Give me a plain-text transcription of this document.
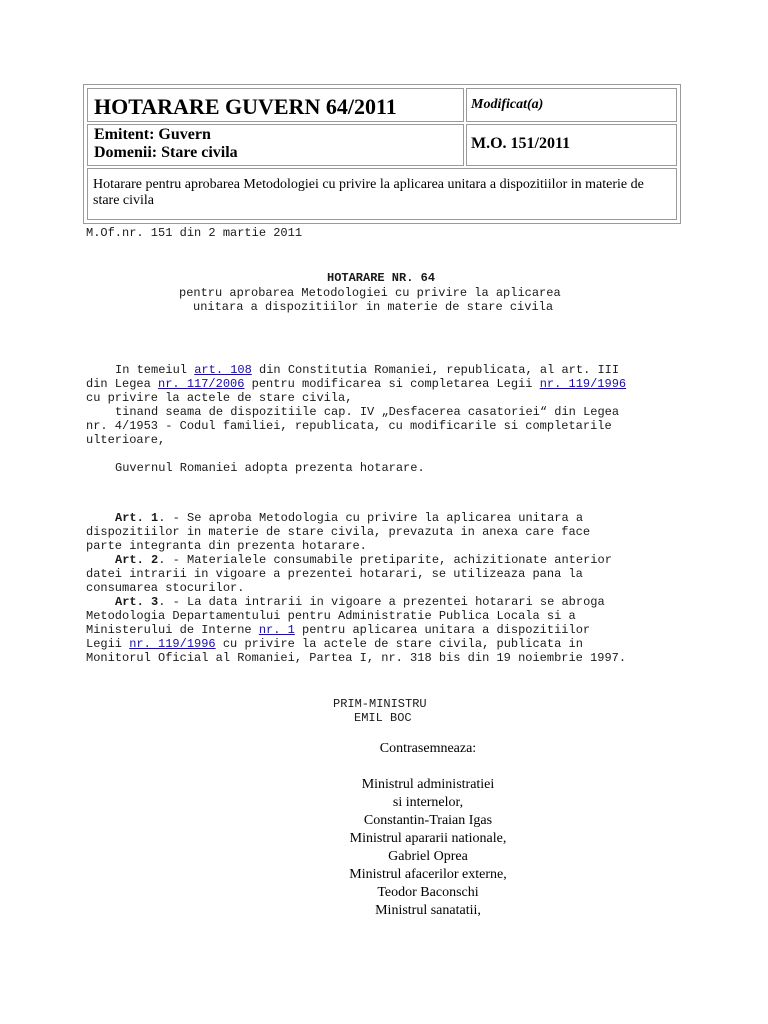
HOTARARE GUVERN 64/2011	Modificat(a)
Emitent: Guvern
Domenii: Stare civila
M.O. 151/2011
Hotarare pentru aprobarea Metodologiei cu privire la aplicarea unitara a dispozitiilor in materie de stare civila
M.Of.nr. 151 din 2 martie 2011
HOTARARE NR. 64
pentru aprobarea Metodologiei cu privire la aplicarea
unitara a dispozitiilor in materie de stare civila
In temeiul art. 108 din Constitutia Romaniei, republicata, al art. III
din Legea nr. 117/2006 pentru modificarea si completarea Legii nr. 119/1996
cu privire la actele de stare civila,
tinand seama de dispozitiile cap. IV „Desfacerea casatoriei“ din Legea
nr. 4/1953 - Codul familiei, republicata, cu modificarile si completarile
ulterioare,
Guvernul Romaniei adopta prezenta hotarare.
Art. 1. - Se aproba Metodologia cu privire la aplicarea unitara a
dispozitiilor in materie de stare civila, prevazuta in anexa care face
parte integranta din prezenta hotarare.
Art. 2. - Materialele consumabile pretiparite, achizitionate anterior
datei intrarii in vigoare a prezentei hotarari, se utilizeaza pana la
consumarea stocurilor.
Art. 3. - La data intrarii in vigoare a prezentei hotarari se abroga
Metodologia Departamentului pentru Administratie Publica Locala si a
Ministerului de Interne nr. 1 pentru aplicarea unitara a dispozitiilor
Legii nr. 119/1996 cu privire la actele de stare civila, publicata in
Monitorul Oficial al Romaniei, Partea I, nr. 318 bis din 19 noiembrie 1997.
PRIM-MINISTRU
EMIL BOC
Contrasemneaza:
Ministrul administratiei
si internelor,
Constantin-Traian Igas
Ministrul apararii nationale,
Gabriel Oprea
Ministrul afacerilor externe,
Teodor Baconschi
Ministrul sanatatii,
